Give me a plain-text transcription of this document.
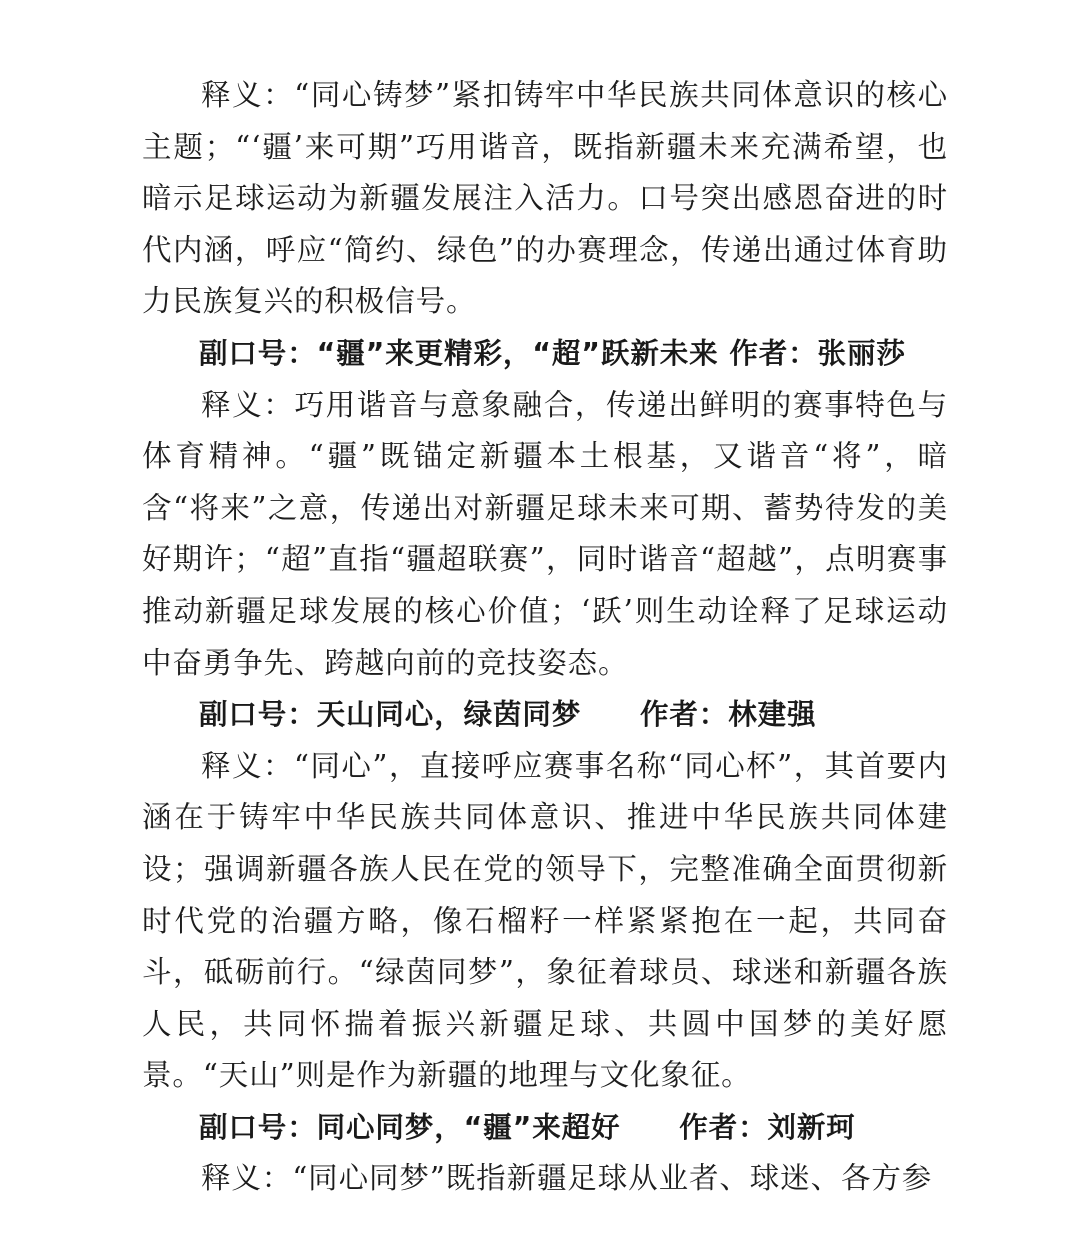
释义：“同心铸梦”紧扣铸牢中华民族共同体意识的核心主题；“‘疆’来可期”巧用谐音，既指新疆未来充满希望，也暗示足球运动为新疆发展注入活力。口号突出感恩奋进的时代内涵，呼应“简约、绿色”的办赛理念，传递出通过体育助力民族复兴的积极信号。

副口号：“疆”来更精彩，“超”跃新未来 作者：张丽莎

释义：巧用谐音与意象融合，传递出鲜明的赛事特色与体育精神。“疆”既锚定新疆本土根基，又谐音“将”，暗含“将来”之意，传递出对新疆足球未来可期、蓄势待发的美好期许；“超”直指“疆超联赛”，同时谐音“超越”，点明赛事推动新疆足球发展的核心价值；‘跃’则生动诠释了足球运动中奋勇争先、跨越向前的竞技姿态。

副口号：天山同心，绿茵同梦　　作者：林建强

释义：“同心”，直接呼应赛事名称“同心杯”，其首要内涵在于铸牢中华民族共同体意识、推进中华民族共同体建设；强调新疆各族人民在党的领导下，完整准确全面贯彻新时代党的治疆方略，像石榴籽一样紧紧抱在一起，共同奋斗，砥砺前行。“绿茵同梦”，象征着球员、球迷和新疆各族人民，共同怀揣着振兴新疆足球、共圆中国梦的美好愿景。“天山”则是作为新疆的地理与文化象征。

副口号：同心同梦，“疆”来超好　　作者：刘新珂

释义：“同心同梦”既指新疆足球从业者、球迷、各方参
